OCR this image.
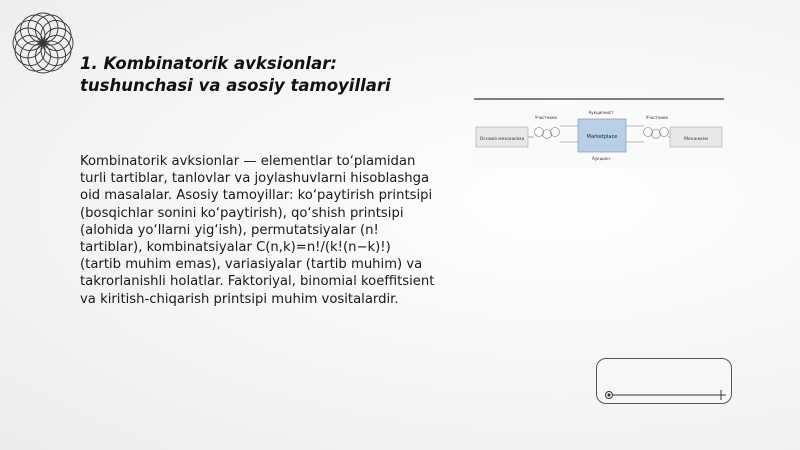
1. Kombinatorik avksionlar:
tushunchasi va asosiy tamoyillari
Kombinatorik avksionlar — elementlar to‘plamidan turli tartiblar, tanlovlar va joylashuvlarni hisoblashga oid masalalar. Asosiy tamoyillar: ko‘paytirish printsipi (bosqichlar sonini ko‘paytirish), qo‘shish printsipi (alohida yo‘llarni yig‘ish), permutatsiyalar (n! tartiblar), kombinatsiyalar C(n,k)=n!/(k!(n−k)!) (tartib muhim emas), variasiyalar (tartib muhim) va takrorlanishli holatlar. Faktoriyal, binomial koeffitsient va kiritish-chiqarish printsipi muhim vositalardir.
Основа механизма
Участники
Аукционист
Marketplace
Аукцион
Участники
Механизм
